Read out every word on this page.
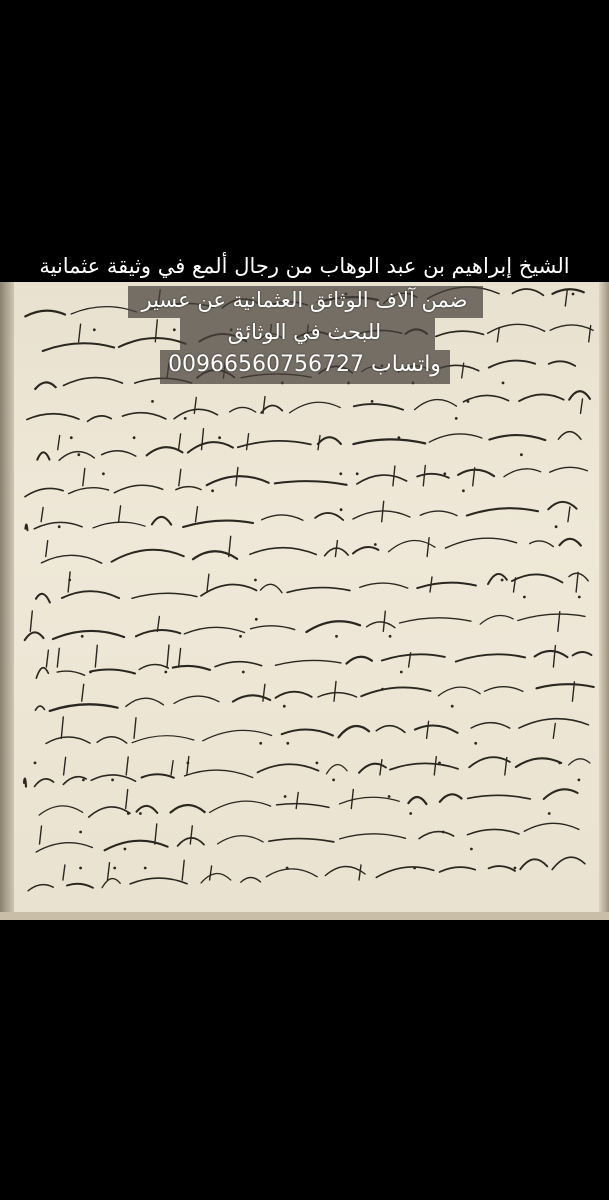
الشيخ إبراهيم بن عبد الوهاب من رجال ألمع في وثيقة عثمانية
ضمن آلاف الوثائق العثمانية عن عسير
للبحث في الوثائق
واتساب 00966560756727
